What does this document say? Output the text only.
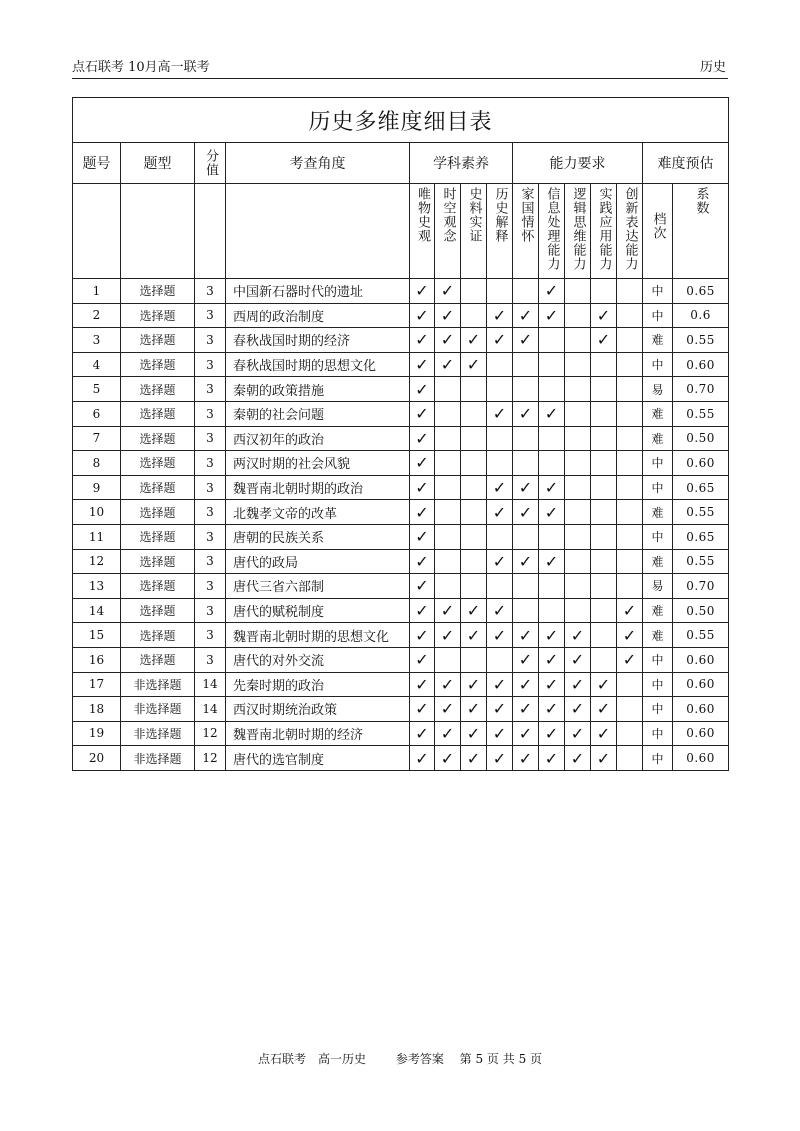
点石联考 10月高一联考	历史
历史多维度细目表														
题号	题型	分值	考查角度	学科素养				能力要求					难度预估	

				唯物史观	时空观念	史料实证	历史解释	家国情怀	信息处理能力	逻辑思维能力	实践应用能力	创新表达能力	档次	系数

1	选择题	3	中国新石器时代的遗址	✓	✓				✓				中	0.65
2	选择题	3	西周的政治制度	✓	✓		✓	✓	✓		✓		中	0.6
3	选择题	3	春秋战国时期的经济	✓	✓	✓	✓	✓			✓		难	0.55
4	选择题	3	春秋战国时期的思想文化	✓	✓	✓							中	0.60
5	选择题	3	秦朝的政策措施	✓									易	0.70
6	选择题	3	秦朝的社会问题	✓			✓	✓	✓				难	0.55
7	选择题	3	西汉初年的政治	✓									难	0.50
8	选择题	3	两汉时期的社会风貌	✓									中	0.60
9	选择题	3	魏晋南北朝时期的政治	✓			✓	✓	✓				中	0.65
10	选择题	3	北魏孝文帝的改革	✓			✓	✓	✓				难	0.55
11	选择题	3	唐朝的民族关系	✓									中	0.65
12	选择题	3	唐代的政局	✓			✓	✓	✓				难	0.55
13	选择题	3	唐代三省六部制	✓									易	0.70
14	选择题	3	唐代的赋税制度	✓	✓	✓	✓					✓	难	0.50
15	选择题	3	魏晋南北朝时期的思想文化	✓	✓	✓	✓	✓	✓	✓		✓	难	0.55
16	选择题	3	唐代的对外交流	✓				✓	✓	✓		✓	中	0.60
17	非选择题	14	先秦时期的政治	✓	✓	✓	✓	✓	✓	✓	✓		中	0.60
18	非选择题	14	西汉时期统治政策	✓	✓	✓	✓	✓	✓	✓	✓		中	0.60
19	非选择题	12	魏晋南北朝时期的经济	✓	✓	✓	✓	✓	✓	✓	✓		中	0.60
20	非选择题	12	唐代的选官制度	✓	✓	✓	✓	✓	✓	✓	✓		中	0.60
点石联考 高一历史 参考答案 第 5 页 共 5 页
